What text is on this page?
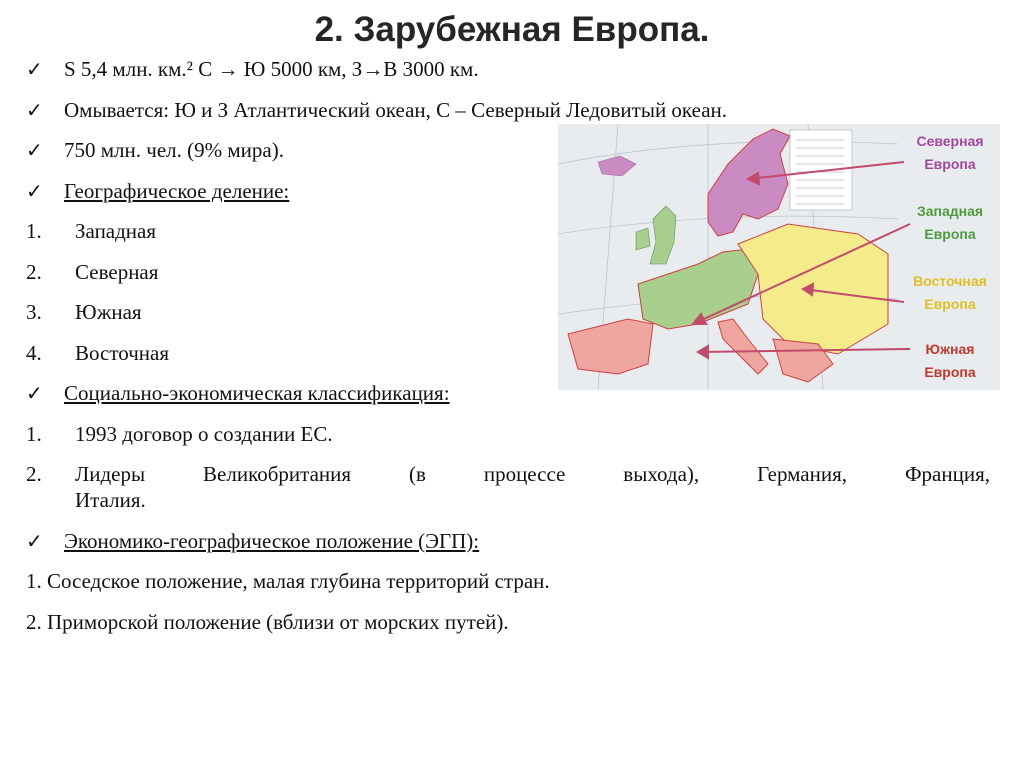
2. Зарубежная Европа.
✓ S 5,4 млн. км.² С → Ю 5000 км, З→В 3000 км.
✓ Омывается: Ю и З Атлантический океан, С – Северный Ледовитый океан.
✓ 750 млн. чел. (9% мира).
✓ Географическое деление:
1. Западная
2. Северная
3. Южная
4. Восточная
✓ Социально-экономическая классификация:
1. 1993 договор о создании ЕС.
2. Лидеры Великобритания (в процессе выхода), Германия, Франция,
Италия.
✓ Экономико-географическое положение (ЭГП):
1. Соседское положение, малая глубина территорий стран.
2. Приморской положение (вблизи от морских путей).
Северная
Европа
Западная
Европа
Восточная
Европа
Южная
Европа
